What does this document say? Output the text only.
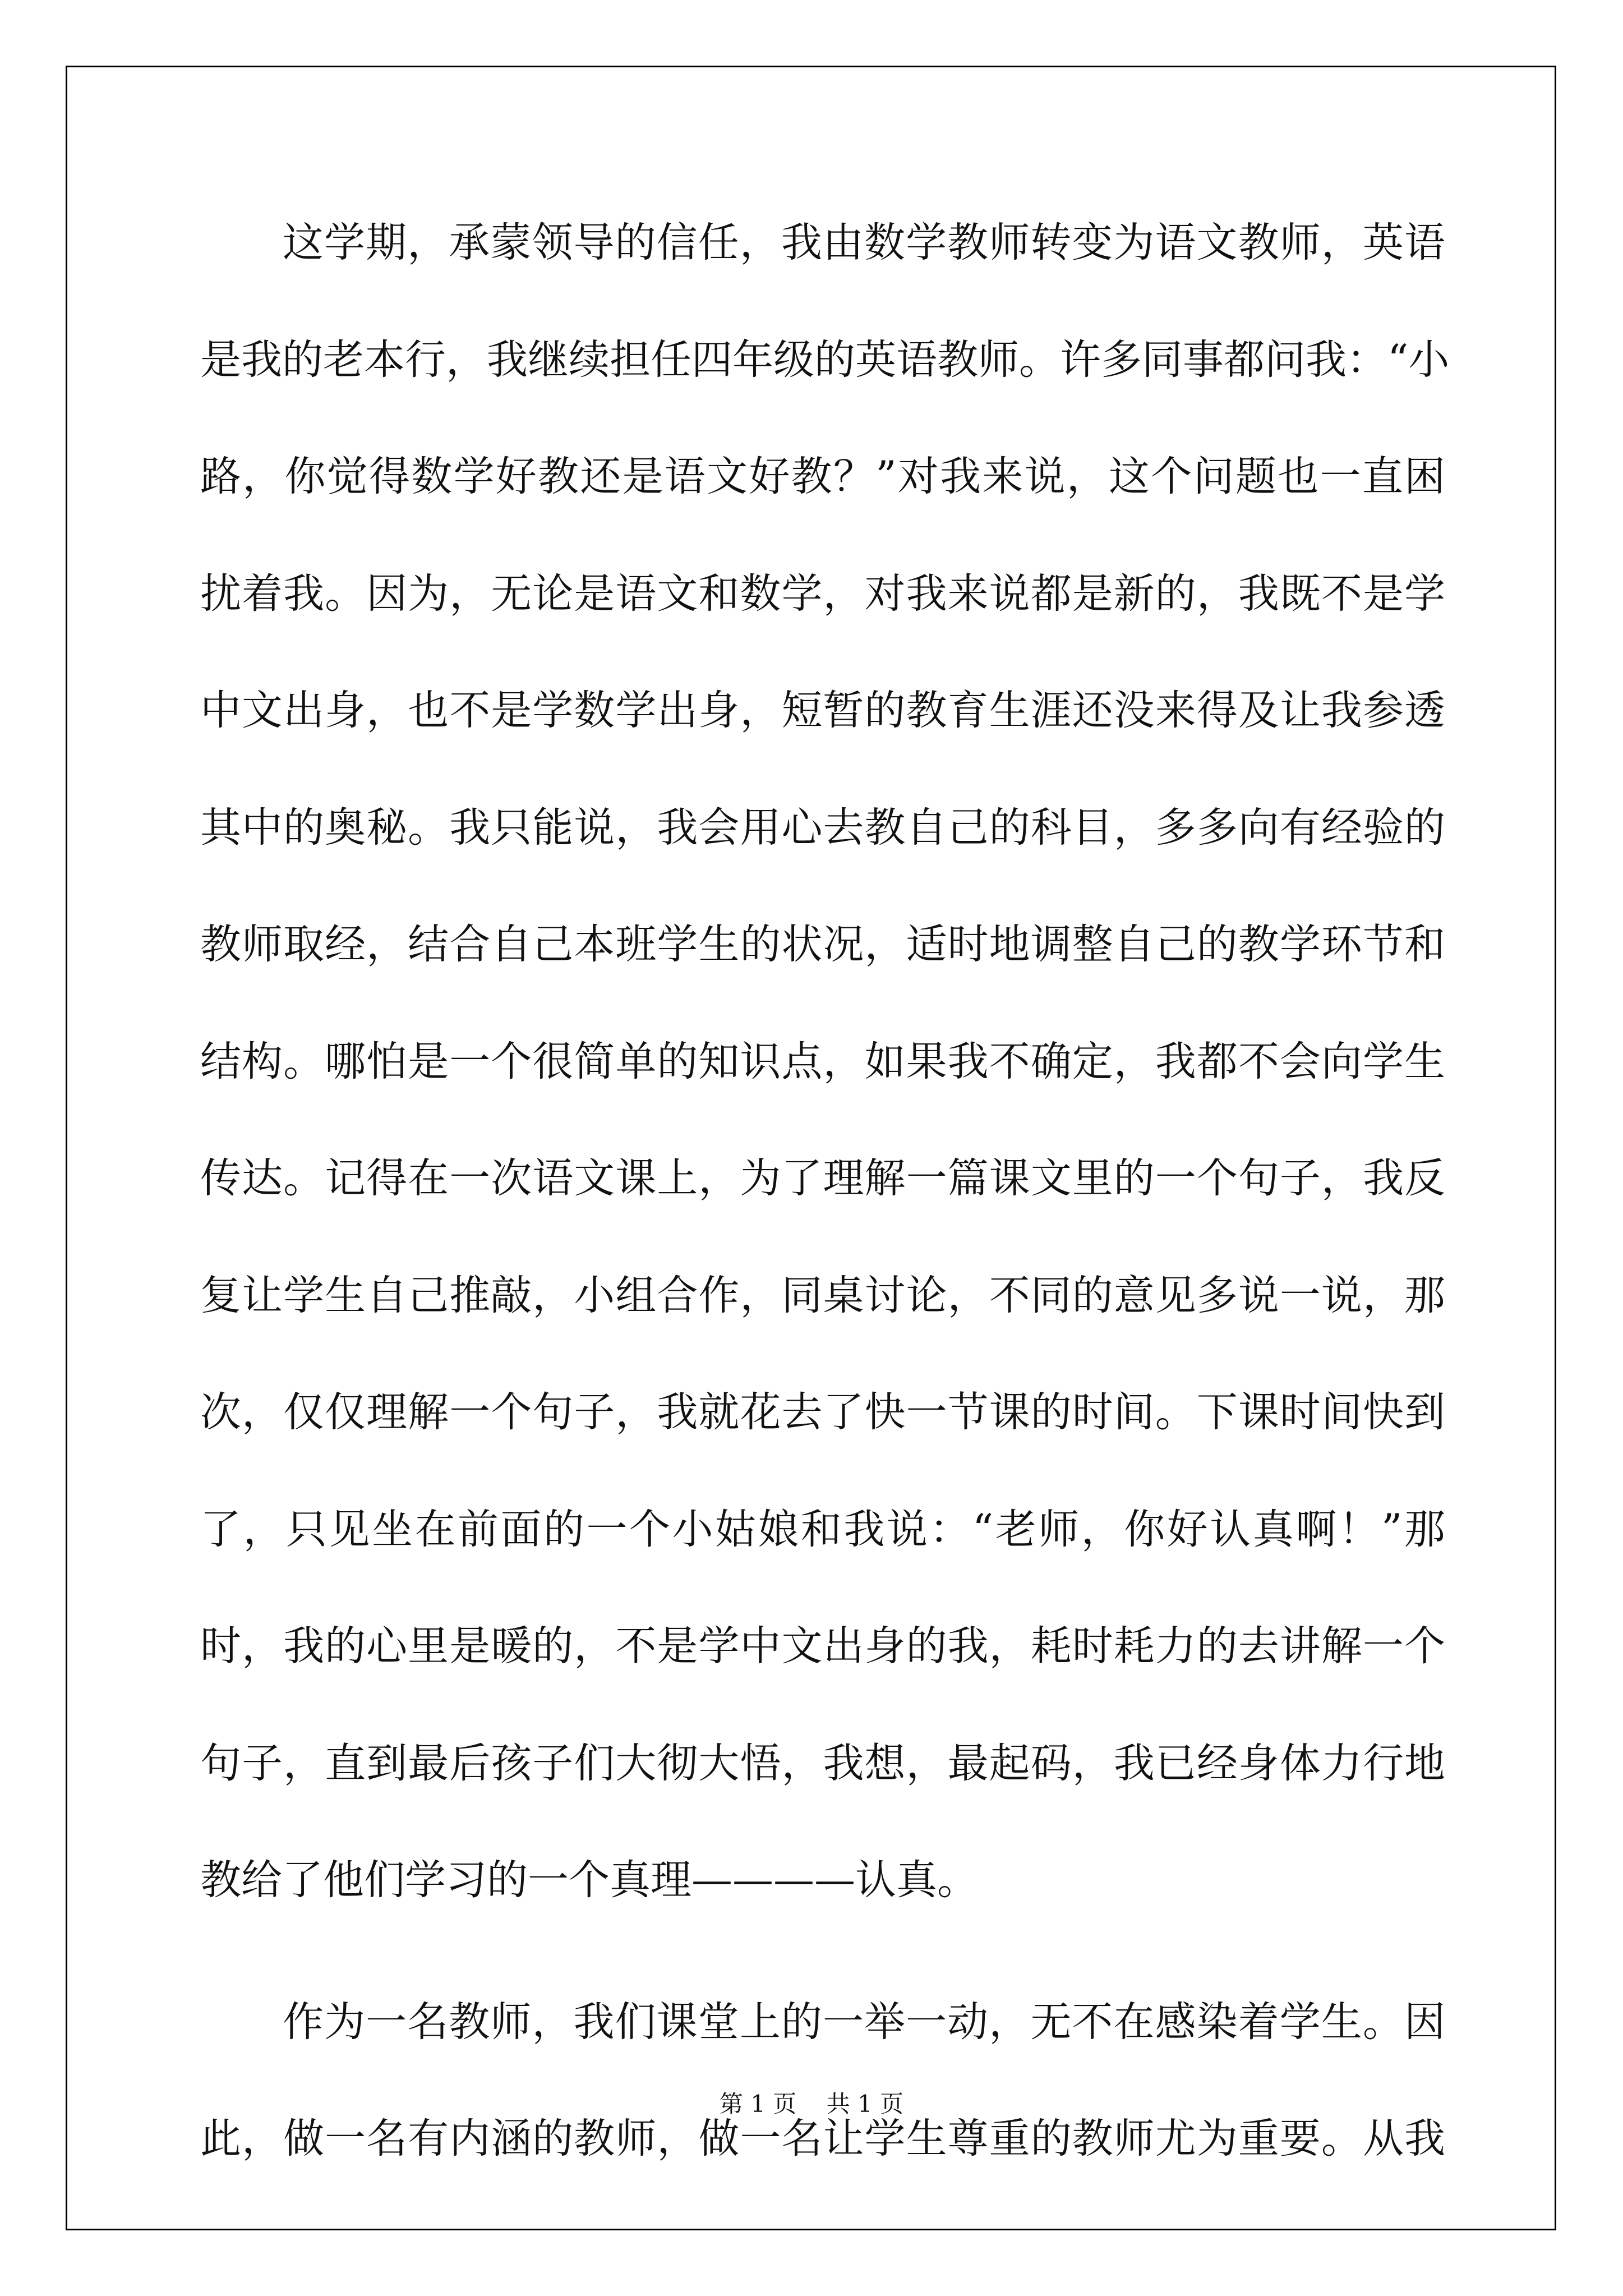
这学期，承蒙领导的信任，我由数学教师转变为语文教师，英语
是我的老本行，我继续担任四年级的英语教师。许多同事都问我：“小
路，你觉得数学好教还是语文好教？”对我来说，这个问题也一直困
扰着我。因为，无论是语文和数学，对我来说都是新的，我既不是学
中文出身，也不是学数学出身，短暂的教育生涯还没来得及让我参透
其中的奥秘。我只能说，我会用心去教自己的科目，多多向有经验的
教师取经，结合自己本班学生的状况，适时地调整自己的教学环节和
结构。哪怕是一个很简单的知识点，如果我不确定，我都不会向学生
传达。记得在一次语文课上，为了理解一篇课文里的一个句子，我反
复让学生自己推敲，小组合作，同桌讨论，不同的意见多说一说，那
次，仅仅理解一个句子，我就花去了快一节课的时间。下课时间快到
了，只见坐在前面的一个小姑娘和我说：“老师，你好认真啊！”那
时，我的心里是暖的，不是学中文出身的我，耗时耗力的去讲解一个
句子，直到最后孩子们大彻大悟，我想，最起码，我已经身体力行地
教给了他们学习的一个真理————认真。
作为一名教师，我们课堂上的一举一动，无不在感染着学生。因
此，做一名有内涵的教师，做一名让学生尊重的教师尤为重要。从我
第 1 页    共 1 页
